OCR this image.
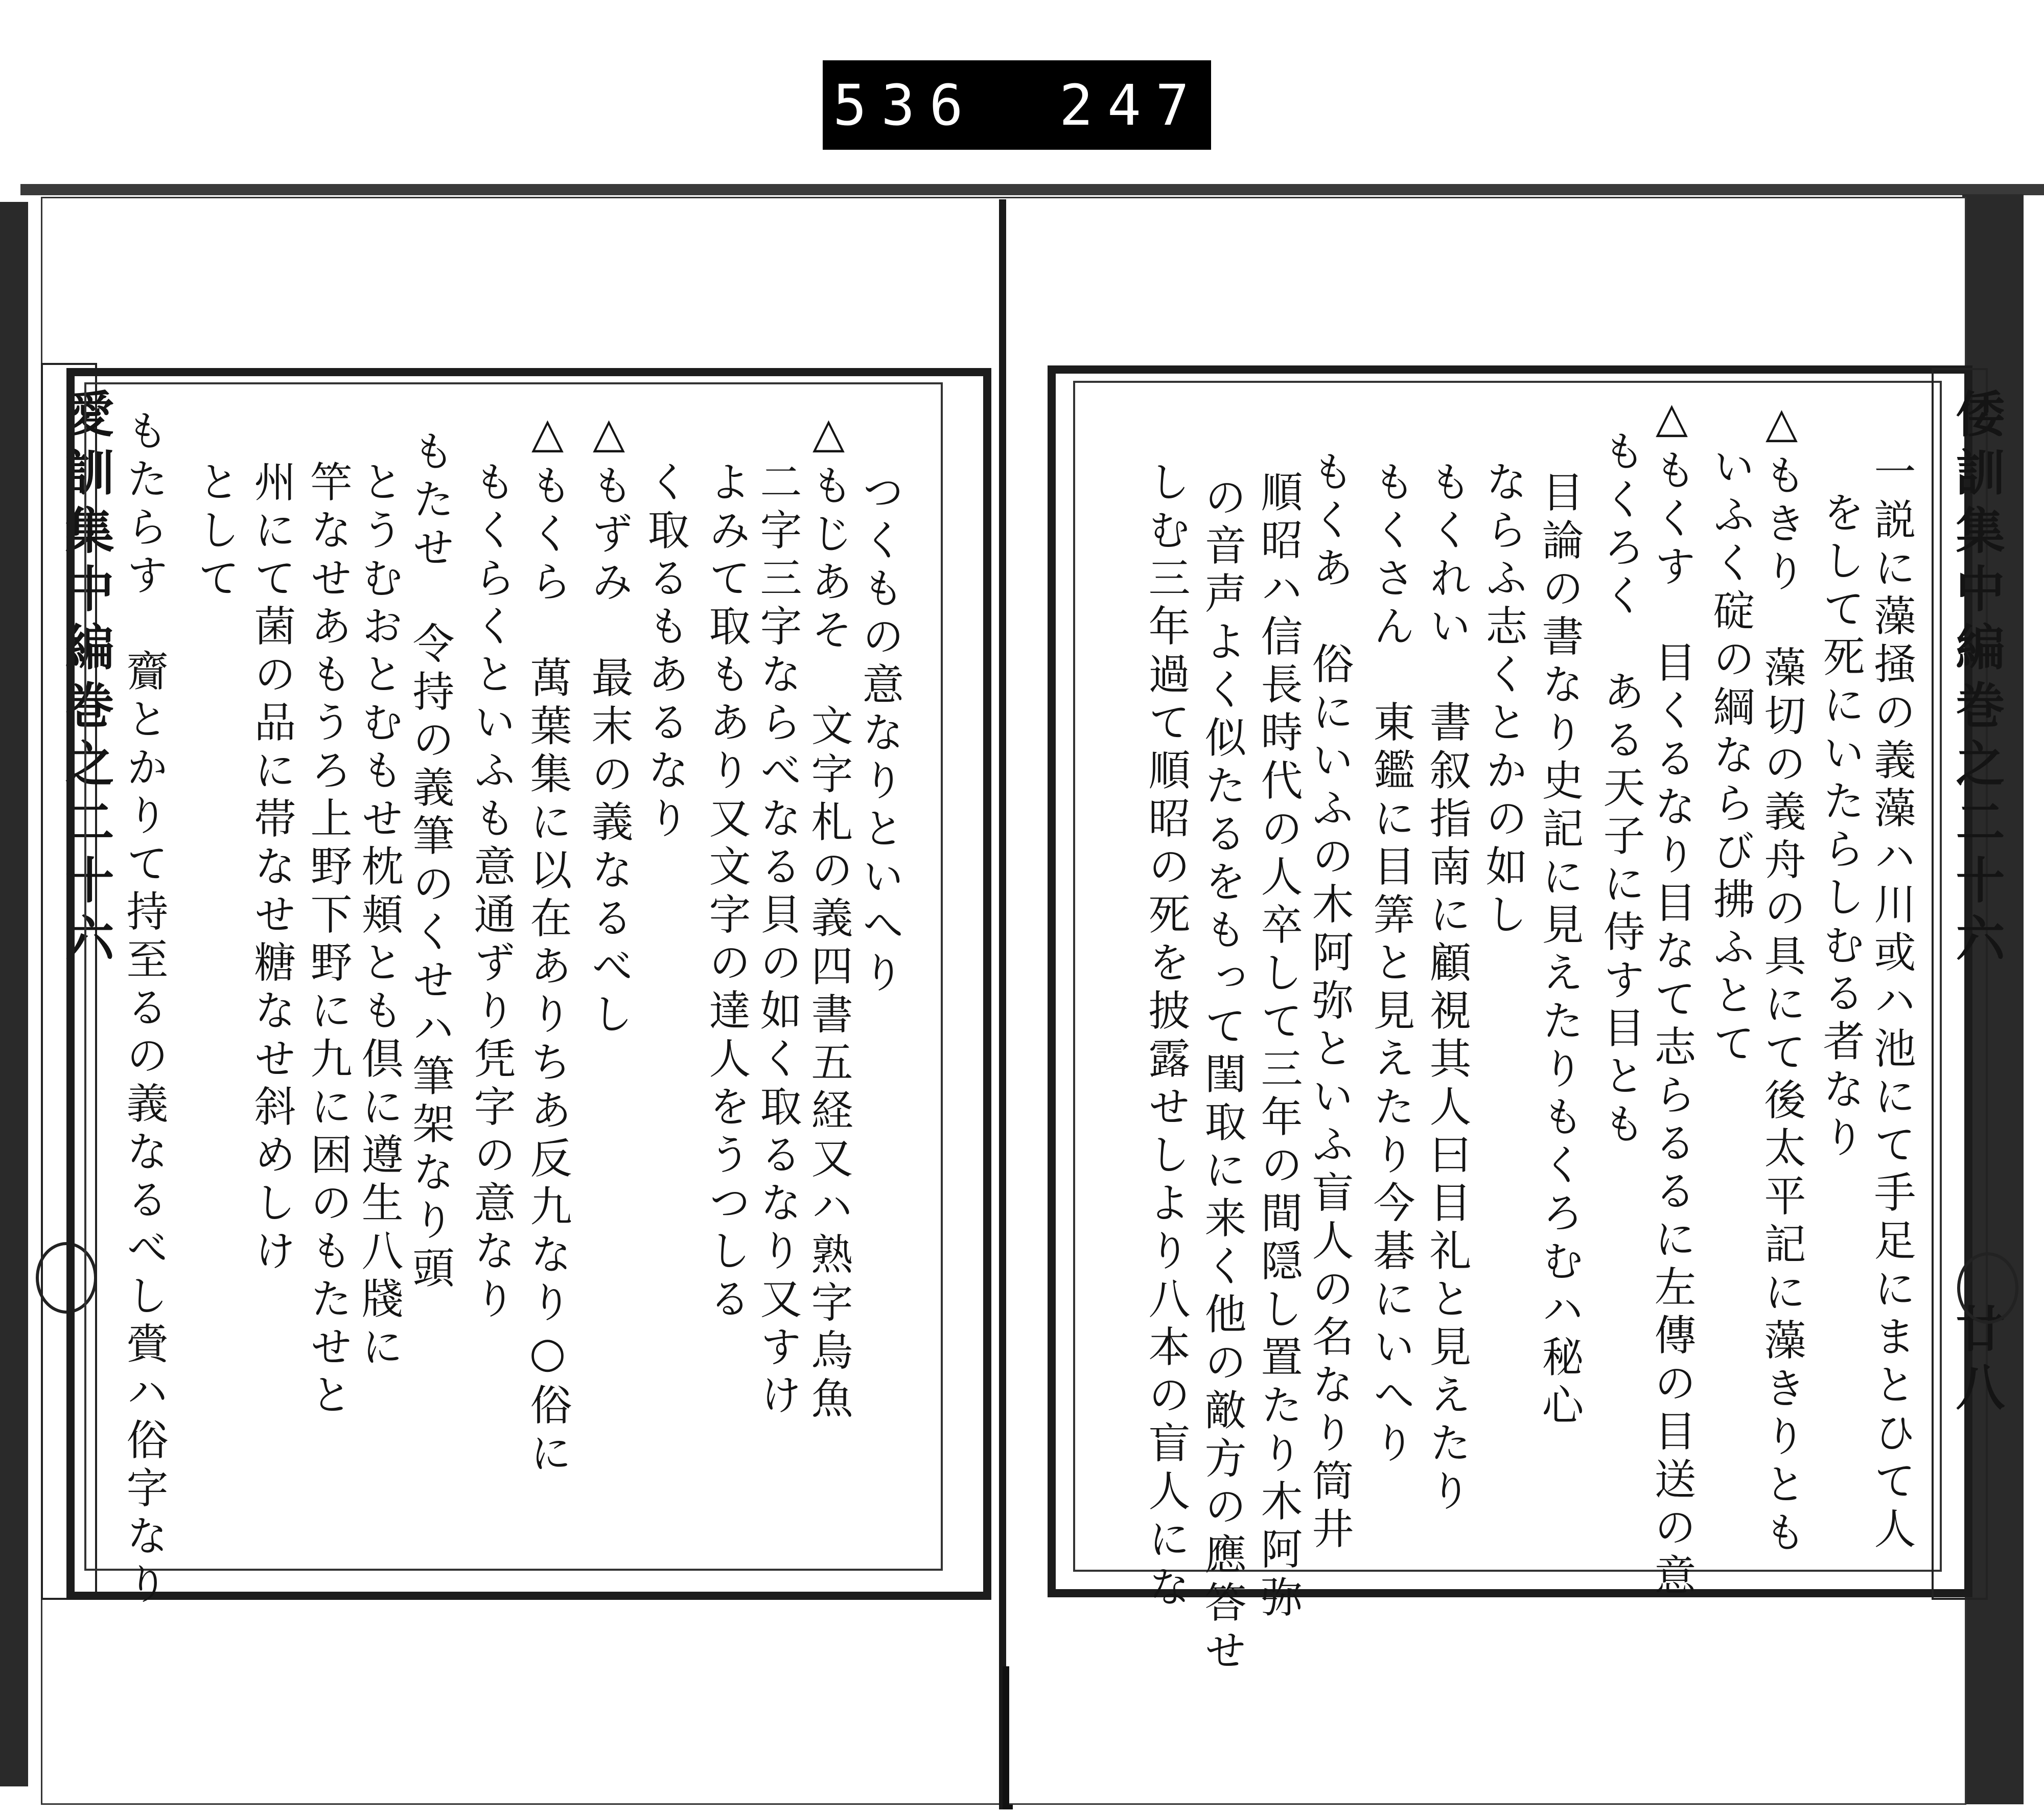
536 247.
愛訓集中編巻之二十六	つくもの意なりといへり
△もじあそ　文字札の義四書五経又ハ熟字烏魚
二字三字ならべなる貝の如く取るなり又すけ
よみて取もあり又文字の達人をうつしる
く取るもあるなり
△もずみ　最末の義なるべし
△もくら　萬葉集に以在ありちあ反九なり○俗に
もくらくといふも意通ずり凭字の意なり
もたせ　令持の義筆のくせハ筆架なり頭
とうむおとむもせ枕頬とも倶に遵生八牋に
竿なせあもうろ上野下野に九に困のもたせと
州にて菌の品に帯なせ糖なせ斜めしけ
として
もたらす　齎とかりて持至るの義なるべし賫ハ俗字なり	倭訓集中編巻之二十六
廿八
一説に藻掻の義藻ハ川或ハ池にて手足にまとひて人
をして死にいたらしむる者なり
△もきり　藻切の義舟の具にて後太平記に藻きりとも
いふく碇の綱ならび拂ふとて
△もくす　目くるなり目なて志らるるに左傳の目送の意
もくろく　ある天子に侍す目とも
目論の書なり史記に見えたりもくろむハ秘心
ならふ志くとかの如し
もくれい　書叙指南に顧視其人曰目礼と見えたり
もくさん　東鑑に目筭と見えたり今碁にいへり
もくあ　俗にいふの木阿弥といふ盲人の名なり筒井
順昭ハ信長時代の人卒して三年の間隠し置たり木阿弥
の音声よく似たるをもって閨取に来く他の敵方の應答せ
しむ三年過て順昭の死を披露せしより八本の盲人にな
